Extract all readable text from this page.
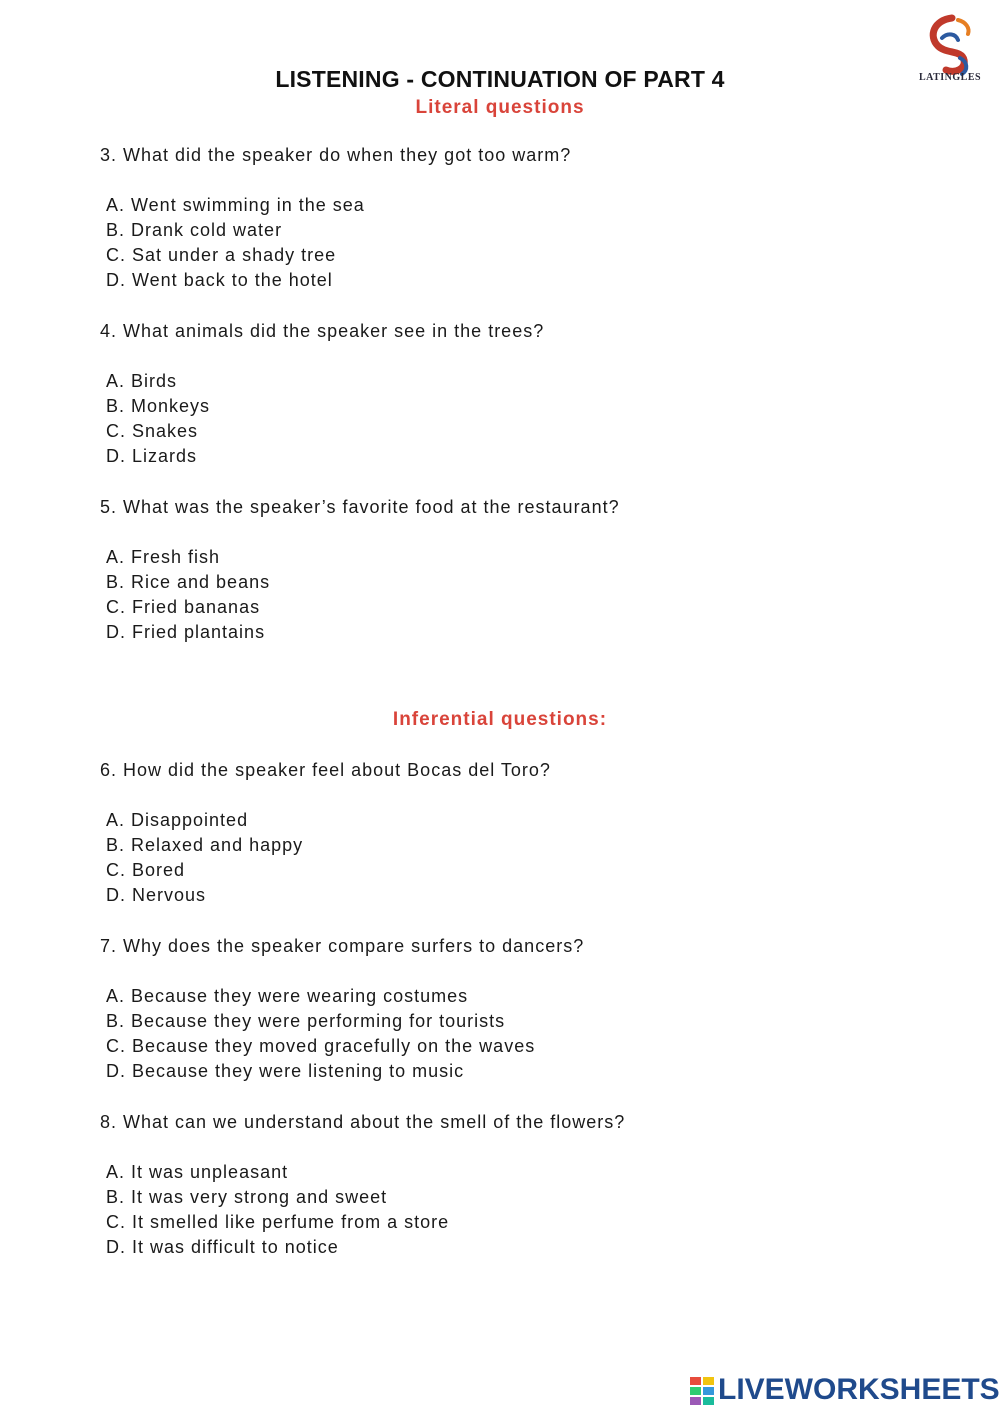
LATINGLES
LISTENING - CONTINUATION OF PART 4
Literal questions
3. What did the speaker do when they got too warm?
A. Went swimming in the sea
B. Drank cold water
C. Sat under a shady tree
D. Went back to the hotel
4. What animals did the speaker see in the trees?
A. Birds
B. Monkeys
C. Snakes
D. Lizards
5. What was the speaker’s favorite food at the restaurant?
A. Fresh fish
B. Rice and beans
C. Fried bananas
D. Fried plantains
Inferential questions:
6. How did the speaker feel about Bocas del Toro?
A. Disappointed
B. Relaxed and happy
C. Bored
D. Nervous
7. Why does the speaker compare surfers to dancers?
A. Because they were wearing costumes
B. Because they were performing for tourists
C. Because they moved gracefully on the waves
D. Because they were listening to music
8. What can we understand about the smell of the flowers?
A. It was unpleasant
B. It was very strong and sweet
C. It smelled like perfume from a store
D. It was difficult to notice
LIVEWORKSHEETS
